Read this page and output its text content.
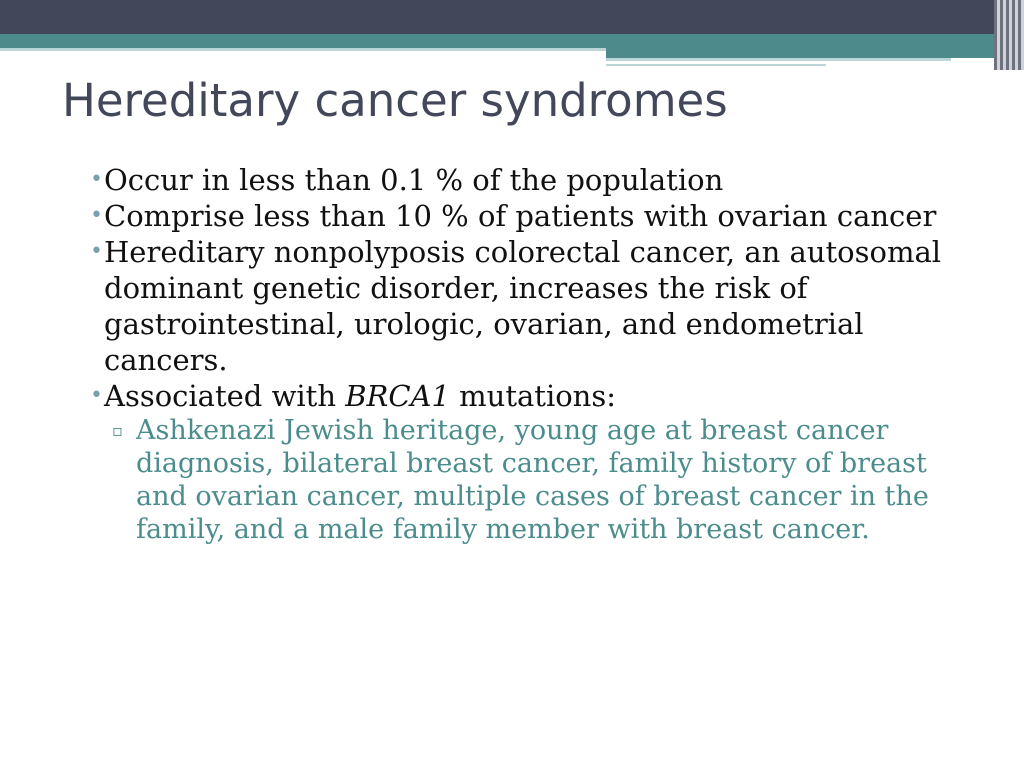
Hereditary cancer syndromes
• Occur in less than 0.1 % of the population
• Comprise less than 10 % of patients with ovarian cancer
• Hereditary nonpolyposis colorectal cancer, an autosomal dominant genetic disorder, increases the risk of gastrointestinal, urologic, ovarian, and endometrial cancers.
• Associated with BRCA1 mutations:
▫ Ashkenazi Jewish heritage, young age at breast cancer diagnosis, bilateral breast cancer, family history of breast and ovarian cancer, multiple cases of breast cancer in the family, and a male family member with breast cancer.
